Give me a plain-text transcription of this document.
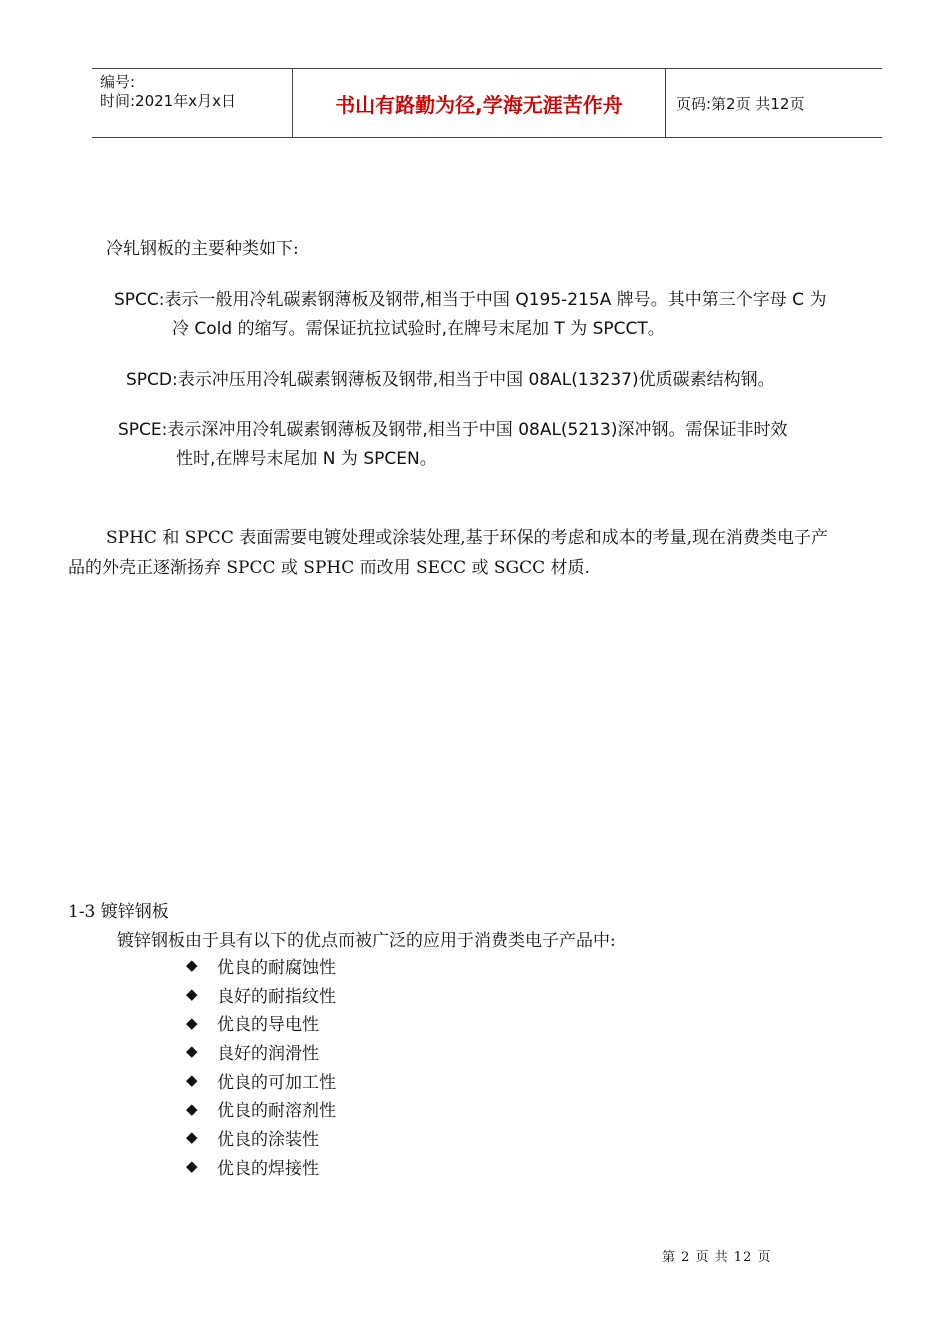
编号:
时间:2021年x月x日	书山有路勤为径,学海无涯苦作舟	页码:第2页 共12页
冷轧钢板的主要种类如下:
SPCC:表示一般用冷轧碳素钢薄板及钢带,相当于中国 Q195-215A 牌号。其中第三个字母 C 为
冷 Cold 的缩写。需保证抗拉试验时,在牌号末尾加 T 为 SPCCT。
SPCD:表示冲压用冷轧碳素钢薄板及钢带,相当于中国 08AL(13237)优质碳素结构钢。
SPCE:表示深冲用冷轧碳素钢薄板及钢带,相当于中国 08AL(5213)深冲钢。需保证非时效
性时,在牌号末尾加 N 为 SPCEN。
SPHC 和 SPCC 表面需要电镀处理或涂装处理,基于环保的考虑和成本的考量,现在消费类电子产
品的外壳正逐渐扬弃 SPCC 或 SPHC 而改用 SECC 或 SGCC 材质.
1-3 镀锌钢板
镀锌钢板由于具有以下的优点而被广泛的应用于消费类电子产品中:
◆	优良的耐腐蚀性
◆	良好的耐指纹性
◆	优良的导电性
◆	良好的润滑性
◆	优良的可加工性
◆	优良的耐溶剂性
◆	优良的涂装性
◆	优良的焊接性
第 2 页 共 12 页
